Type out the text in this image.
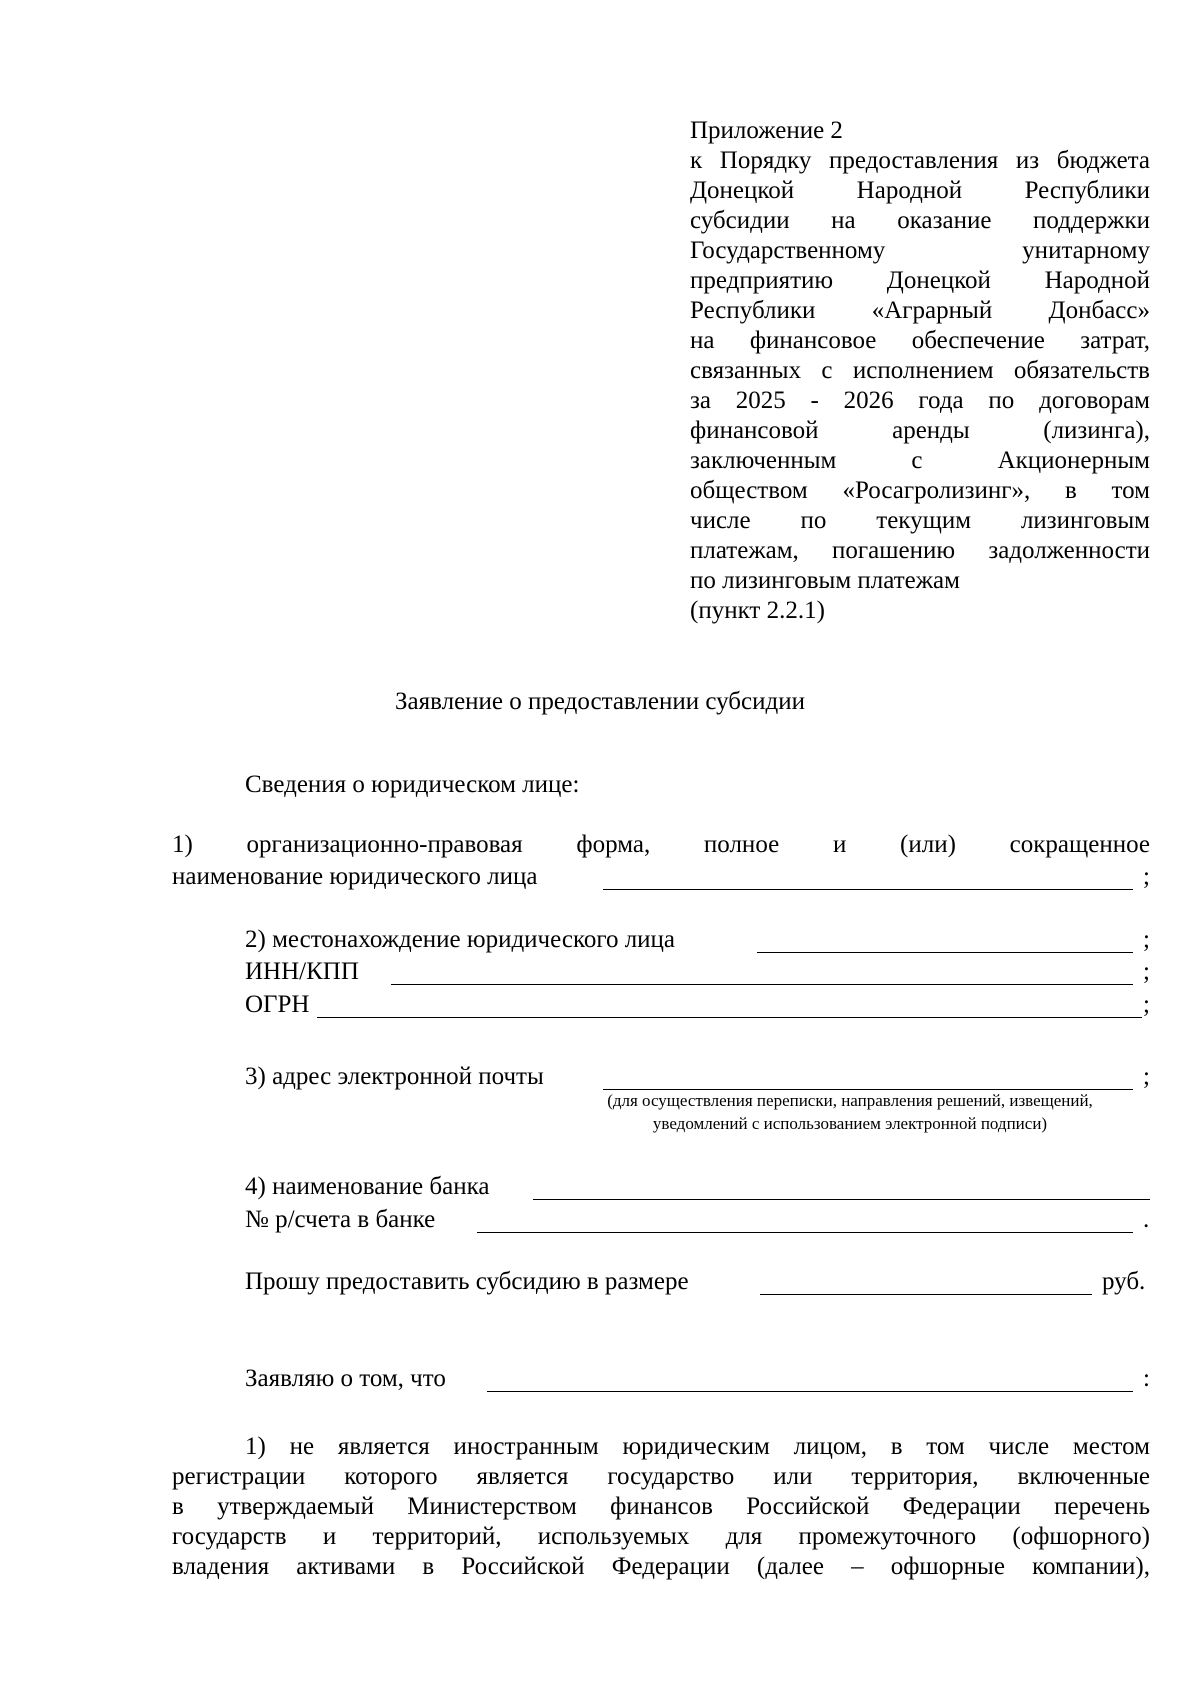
Приложение 2
к Порядку предоставления из бюджета
Донецкой Народной Республики
субсидии на оказание поддержки
Государственному унитарному
предприятию Донецкой Народной
Республики «Аграрный Донбасс»
на финансовое обеспечение затрат,
связанных с исполнением обязательств
за 2025 - 2026 года по договорам
финансовой аренды (лизинга),
заключенным с Акционерным
обществом «Росагролизинг», в том
числе по текущим лизинговым
платежам, погашению задолженности
по лизинговым платежам
(пункт 2.2.1)
Заявление о предоставлении субсидии
Сведения о юридическом лице:
1) организационно-правовая форма, полное и (или) сокращенное
наименование юридического лица	;
2) местонахождение юридического лица	;
ИНН/КПП	;
ОГРН	;
3) адрес электронной почты	;
(для осуществления переписки, направления решений, извещений,
уведомлений с использованием электронной подписи)
4) наименование банка
№ р/счета в банке	.
Прошу предоставить субсидию в размере	руб.
Заявляю о том, что	:
1) не является иностранным юридическим лицом, в том числе местом
регистрации которого является государство или территория, включенные
в утверждаемый Министерством финансов Российской Федерации перечень
государств и территорий, используемых для промежуточного (офшорного)
владения активами в Российской Федерации (далее – офшорные компании),
